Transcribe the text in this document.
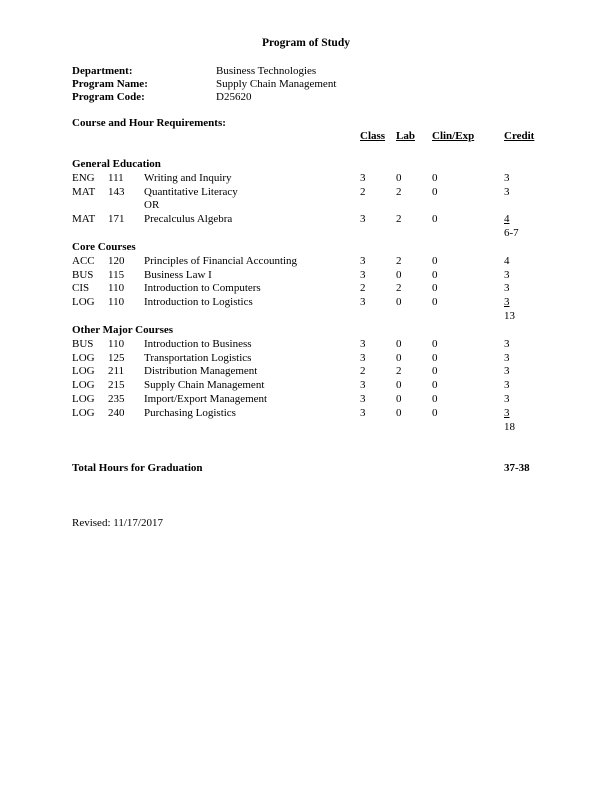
Program of Study
Department:	Business Technologies
Program Name:	Supply Chain Management
Program Code:	D25620
Course and Hour Requirements:
Class Lab Clin/Exp	Credit
General Education
ENG 111 Writing and Inquiry	3	0	0	3
MAT 143 Quantitative Literacy	2	2	0	3
OR
MAT 171 Precalculus Algebra	3	2	0	4
6-7
Core Courses
ACC 120 Principles of Financial Accounting	3	2	0	4
BUS 115 Business Law I	3	0	0	3
CIS 110 Introduction to Computers	2	2	0	3
LOG 110 Introduction to Logistics	3	0	0	3
13
Other Major Courses
BUS 110 Introduction to Business	3	0	0	3
LOG 125 Transportation Logistics	3	0	0	3
LOG 211 Distribution Management	2	2	0	3
LOG 215 Supply Chain Management	3	0	0	3
LOG 235 Import/Export Management	3	0	0	3
LOG 240 Purchasing Logistics	3	0	0	3
18
Total Hours for Graduation	37-38
Revised: 11/17/2017
